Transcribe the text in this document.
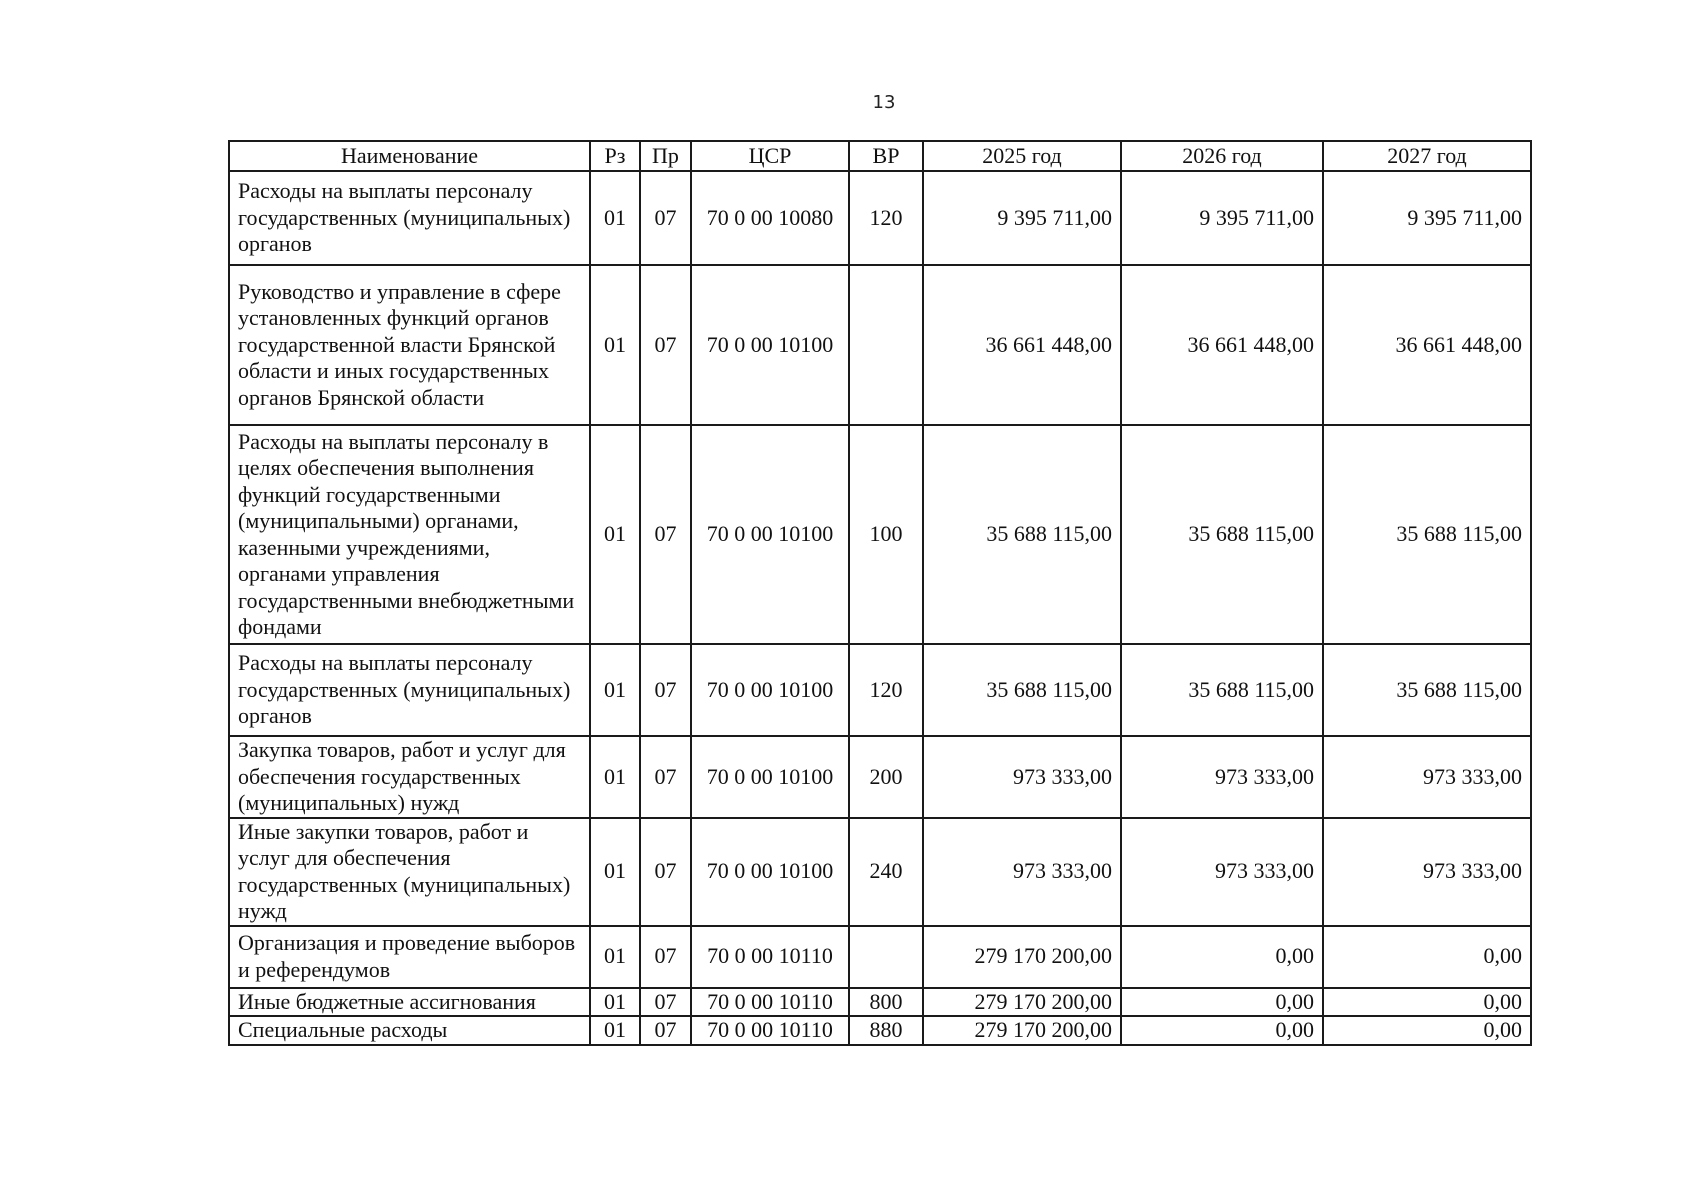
13
Наименование	Рз	Пр	ЦСР	ВР	2025 год	2026 год	2027 год
Расходы на выплаты персоналу государственных (муниципальных) органов	01	07	70 0 00 10080	120	9 395 711,00	9 395 711,00	9 395 711,00
Руководство и управление в сфере установленных функций органов государственной власти Брянской области и иных государственных органов Брянской области	01	07	70 0 00 10100		36 661 448,00	36 661 448,00	36 661 448,00
Расходы на выплаты персоналу в целях обеспечения выполнения функций государственными (муниципальными) органами, казенными учреждениями, органами управления государственными внебюджетными фондами	01	07	70 0 00 10100	100	35 688 115,00	35 688 115,00	35 688 115,00
Расходы на выплаты персоналу государственных (муниципальных) органов	01	07	70 0 00 10100	120	35 688 115,00	35 688 115,00	35 688 115,00
Закупка товаров, работ и услуг для обеспечения государственных (муниципальных) нужд	01	07	70 0 00 10100	200	973 333,00	973 333,00	973 333,00
Иные закупки товаров, работ и услуг для обеспечения государственных (муниципальных) нужд	01	07	70 0 00 10100	240	973 333,00	973 333,00	973 333,00
Организация и проведение выборов и референдумов	01	07	70 0 00 10110		279 170 200,00	0,00	0,00
Иные бюджетные ассигнования	01	07	70 0 00 10110	800	279 170 200,00	0,00	0,00
Специальные расходы	01	07	70 0 00 10110	880	279 170 200,00	0,00	0,00
